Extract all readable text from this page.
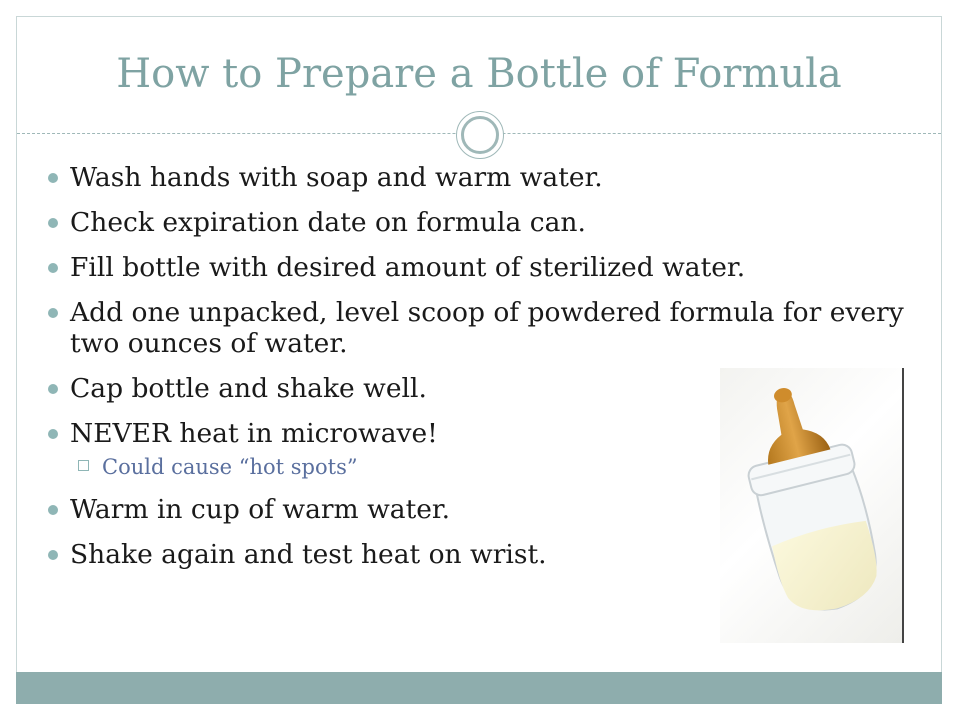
How to Prepare a Bottle of Formula
Wash hands with soap and warm water.
Check expiration date on formula can.
Fill bottle with desired amount of sterilized water.
Add one unpacked, level scoop of powdered formula for every two ounces of water.
Cap bottle and shake well.
NEVER heat in microwave!
Could cause “hot spots”
Warm in cup of warm water.
Shake again and test heat on wrist.
